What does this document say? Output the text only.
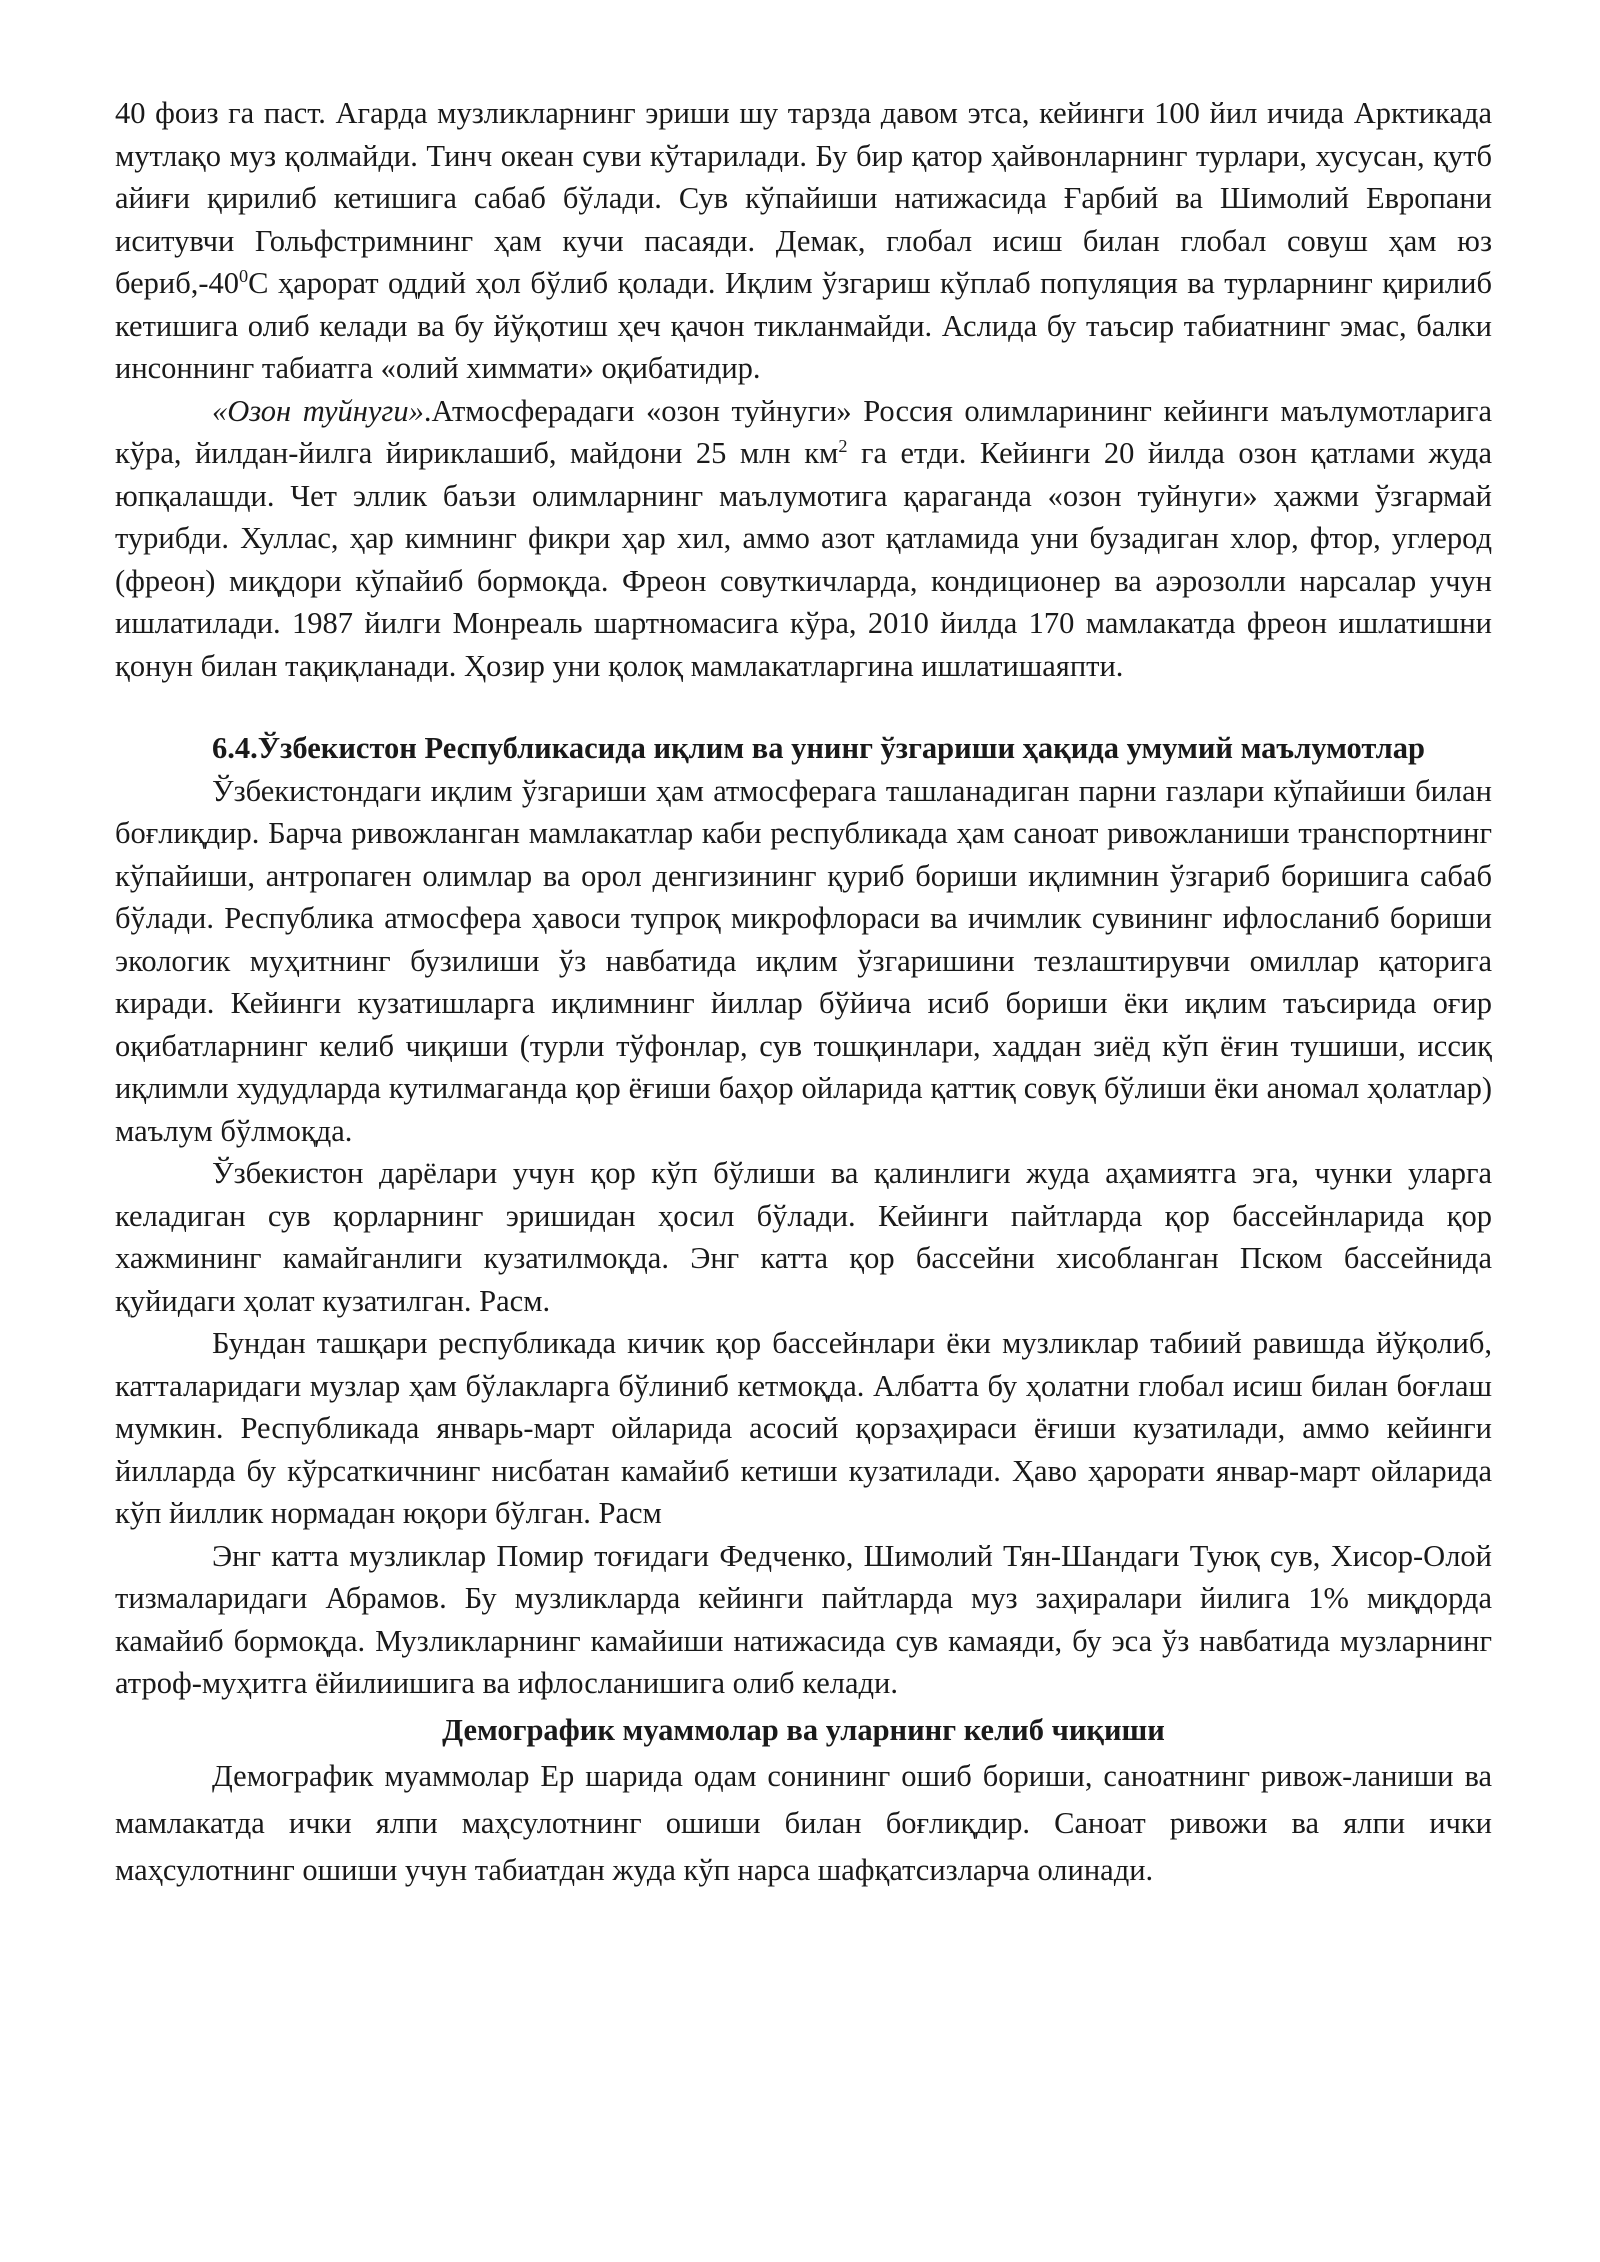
40 фоиз га паст. Агарда музликларнинг эриши шу тарзда давом этса, кейинги 100 йил ичида Арктикада мутлақо муз қолмайди. Тинч океан суви кўтарилади. Бу бир қатор ҳайвонларнинг турлари, хусусан, қутб айиғи қирилиб кетишига сабаб бўлади. Сув кўпайиши натижасида Ғарбий ва Шимолий Европани иситувчи Гольфстримнинг ҳам кучи пасаяди. Демак, глобал исиш билан глобал совуш ҳам юз $бериб,-40^0С$ ҳарорат оддий ҳол бўлиб қолади. Иқлим ўзгариш кўплаб популяция ва турларнинг қирилиб кетишига олиб келади ва бу йўқотиш ҳеч қачон тикланмайди. Аслида бу таъсир табиатнинг эмас, балки инсоннинг табиатга «олий химмати» оқибатидир.

«Озон туйнуги».Атмосферадаги «озон туйнуги» Россия олимларининг кейинги маълумотларига кўра, йилдан-йилга йириклашиб, майдони 25 млн $км^2$ га етди. Кейинги 20 йилда озон қатлами жуда юпқалашди. Чет эллик баъзи олимларнинг маълумотига қараганда «озон туйнуги» ҳажми ўзгармай турибди. Хуллас, ҳар кимнинг фикри ҳар хил, аммо азот қатламида уни бузадиган хлор, фтор, углерод (фреон) миқдори кўпайиб бормоқда. Фреон совуткичларда, кондиционер ва аэрозолли нарсалар учун ишлатилади. 1987 йилги Монреаль шартномасига кўра, 2010 йилда 170 мамлакатда фреон ишлатишни қонун билан тақиқланади. Ҳозир уни қолоқ мамлакатларгина ишлатишаяпти.

6.4.Ўзбекистон Республикасида иқлим ва унинг ўзгариши ҳақида умумий маълумотлар

Ўзбекистондаги иқлим ўзгариши ҳам атмосферага ташланадиган парни газлари кўпайиши билан боғлиқдир. Барча ривожланган мамлакатлар каби республикада ҳам саноат ривожланиши транспортнинг кўпайиши, антропаген олимлар ва орол денгизининг қуриб бориши иқлимнин ўзгариб боришига сабаб бўлади. Республика атмосфера ҳавоси тупроқ микрофлораси ва ичимлик сувининг ифлосланиб бориши экологик муҳитнинг бузилиши ўз навбатида иқлим ўзгаришини тезлаштирувчи омиллар қаторига киради. Кейинги кузатишларга иқлимнинг йиллар бўйича исиб бориши ёки иқлим таъсирида оғир оқибатларнинг келиб чиқиши (турли тўфонлар, сув тошқинлари, хаддан зиёд кўп ёғин тушиши, иссиқ иқлимли худудларда кутилмаганда қор ёғиши баҳор ойларида қаттиқ совуқ бўлиши ёки аномал ҳолатлар) маълум бўлмоқда.

Ўзбекистон дарёлари учун қор кўп бўлиши ва қалинлиги жуда аҳамиятга эга, чунки уларга келадиган сув қорларнинг эришидан ҳосил бўлади. Кейинги пайтларда қор бассейнларида қор хажмининг камайганлиги кузатилмоқда. Энг катта қор бассейни хисобланган Пском бассейнида қуйидаги ҳолат кузатилган. Расм.

Бундан ташқари республикада кичик қор бассейнлари ёки музликлар табиий равишда йўқолиб, катталаридаги музлар ҳам бўлакларга бўлиниб кетмоқда. Албатта бу ҳолатни глобал исиш билан боғлаш мумкин. Республикада январь-март ойларида асосий қорзаҳираси ёғиши кузатилади, аммо кейинги йилларда бу кўрсаткичнинг нисбатан камайиб кетиши кузатилади. Ҳаво ҳарорати январ-март ойларида кўп йиллик нормадан юқори бўлган. Расм

Энг катта музликлар Помир тоғидаги Федченко, Шимолий Тян-Шандаги Туюқ сув, Хисор-Олой тизмаларидаги Абрамов. Бу музликларда кейинги пайтларда муз заҳиралари йилига 1% миқдорда камайиб бормоқда. Музликларнинг камайиши натижасида сув камаяди, бу эса ўз навбатида музларнинг атроф-муҳитга ёйилиишига ва ифлосланишига олиб келади.

Демографик муаммолар ва уларнинг келиб чиқиши

Демографик муаммолар Ер шарида одам сонининг ошиб бориши, саноатнинг ривож-ланиши ва мамлакатда ички ялпи маҳсулотнинг ошиши билан боғлиқдир. Саноат ривожи ва ялпи ички маҳсулотнинг ошиши учун табиатдан жуда кўп нарса шафқатсизларча олинади.
